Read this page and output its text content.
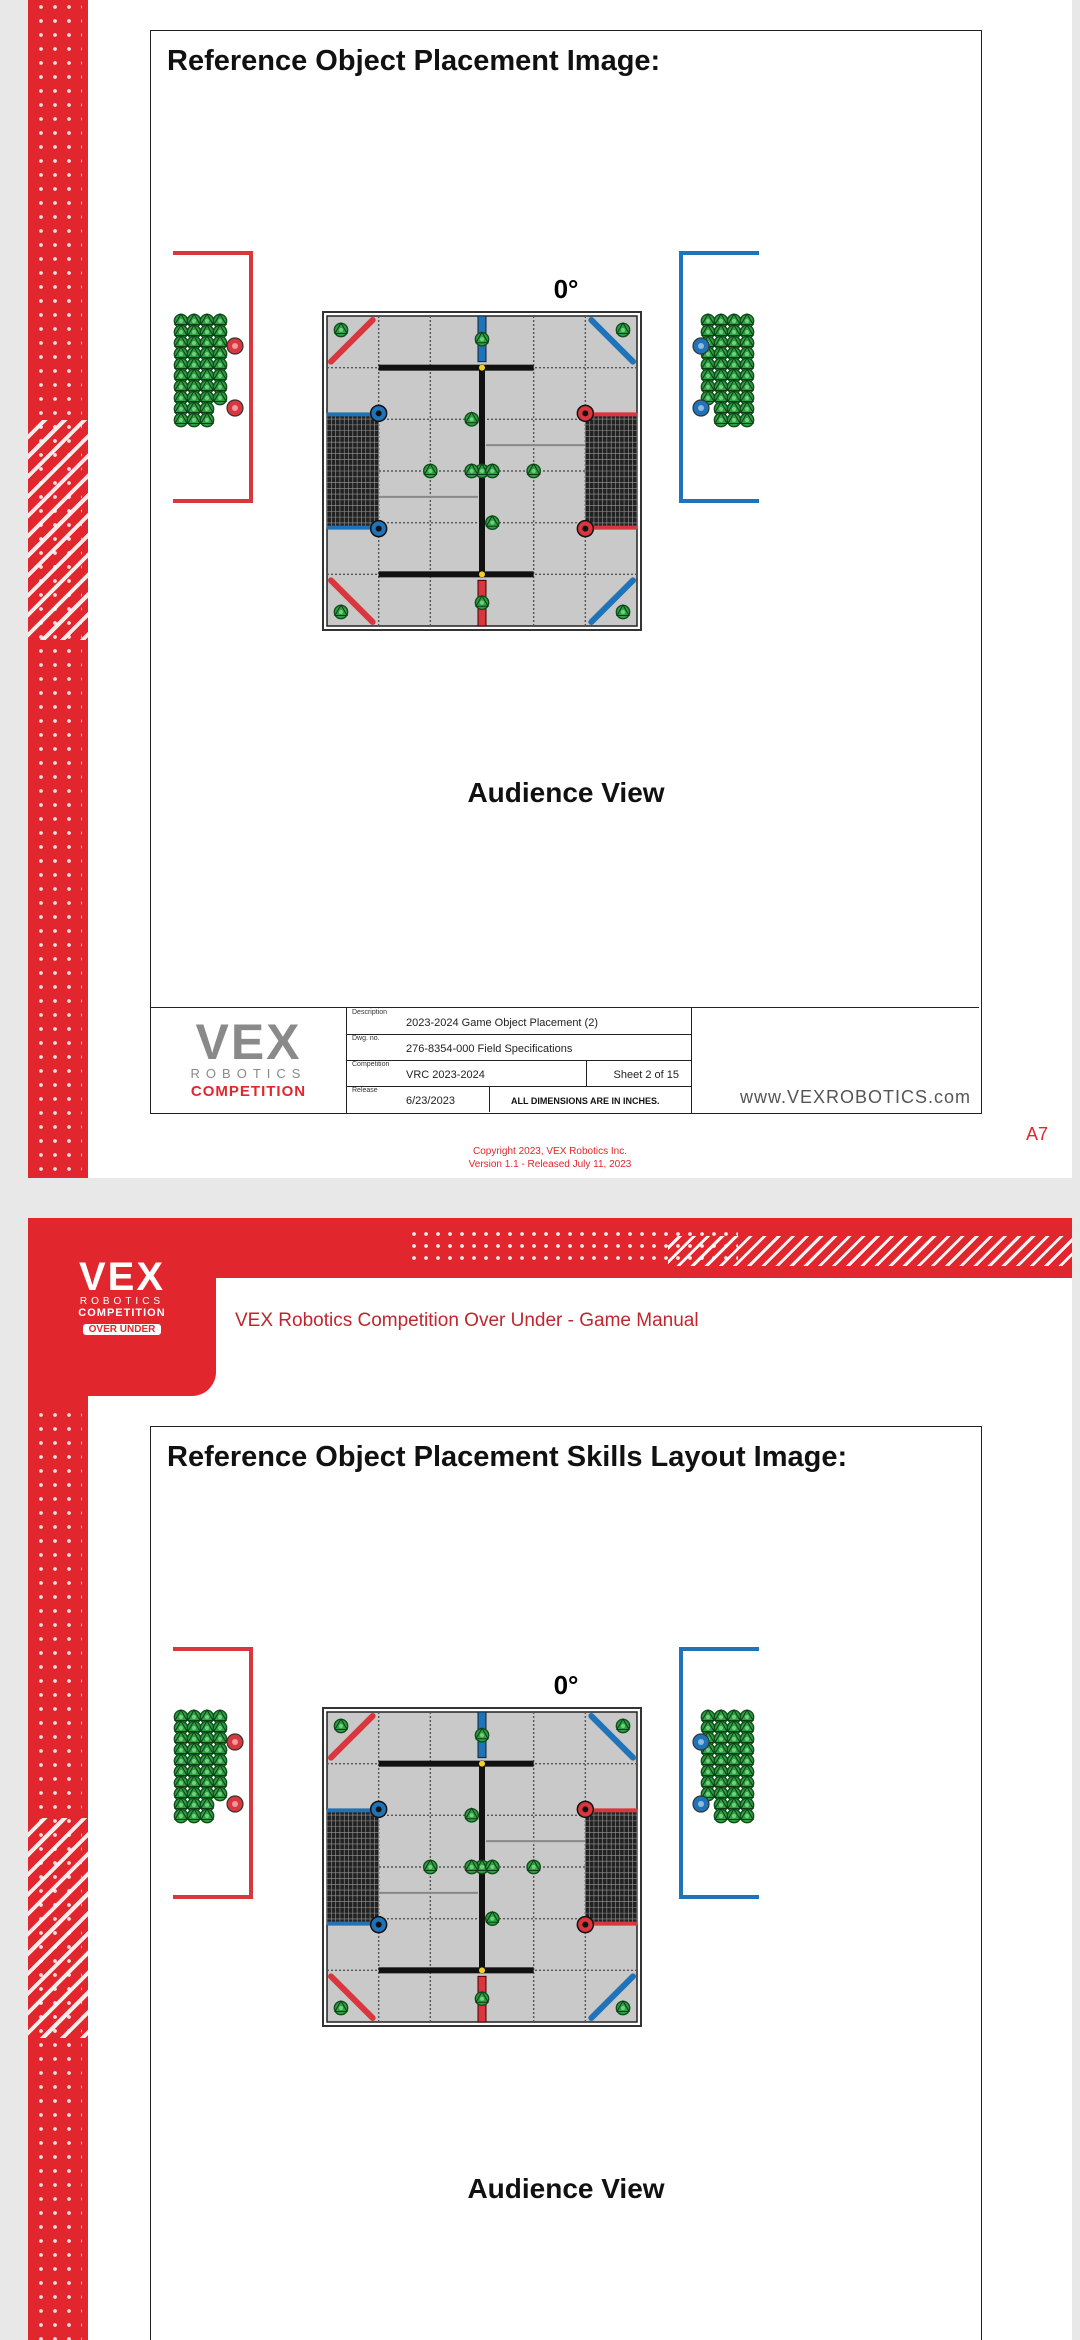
Reference Object Placement Image:
0°
Audience View
VEX
ROBOTICS
COMPETITION
Description
2023-2024 Game Object Placement (2)
Dwg. no.
276-8354-000 Field Specifications
Competition
VRC 2023-2024	Sheet 2 of 15
Release
6/23/2023	ALL DIMENSIONS ARE IN INCHES.	www.VEXROBOTICS.com
A7
Copyright 2023, VEX Robotics Inc.
Version 1.1 - Released July 11, 2023
VEX
ROBOTICS
COMPETITION
OVER UNDER	VEX Robotics Competition Over Under - Game Manual
Reference Object Placement Skills Layout Image:
0°
Audience View
